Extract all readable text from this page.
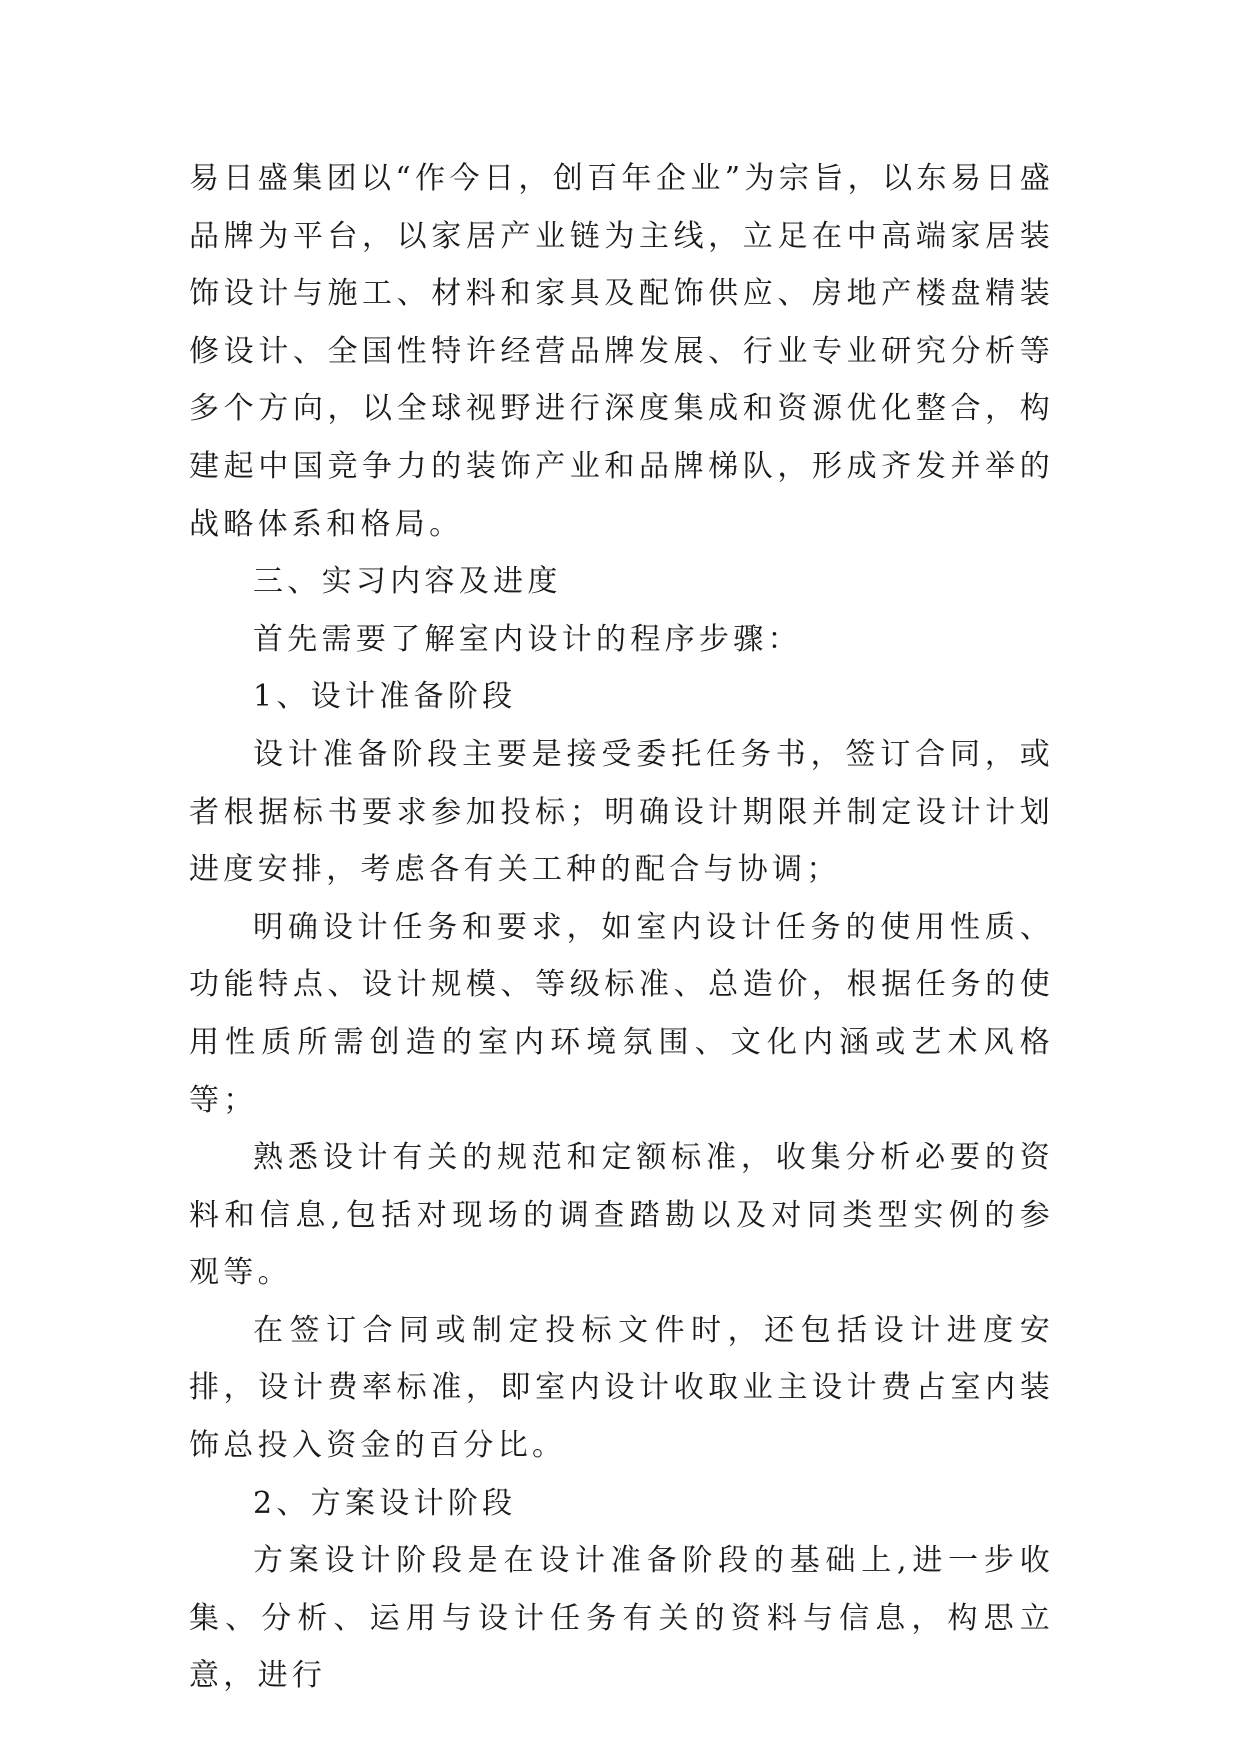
易日盛集团以“作今日，创百年企业”为宗旨，以东易日盛品牌为平台，以家居产业链为主线，立足在中高端家居装饰设计与施工、材料和家具及配饰供应、房地产楼盘精装修设计、全国性特许经营品牌发展、行业专业研究分析等多个方向，以全球视野进行深度集成和资源优化整合，构建起中国竞争力的装饰产业和品牌梯队，形成齐发并举的战略体系和格局。

三、实习内容及进度

首先需要了解室内设计的程序步骤：

1、设计准备阶段

设计准备阶段主要是接受委托任务书，签订合同，或者根据标书要求参加投标；明确设计期限并制定设计计划进度安排，考虑各有关工种的配合与协调；

明确设计任务和要求，如室内设计任务的使用性质、功能特点、设计规模、等级标准、总造价，根据任务的使用性质所需创造的室内环境氛围、文化内涵或艺术风格等；

熟悉设计有关的规范和定额标准，收集分析必要的资料和信息,包括对现场的调查踏勘以及对同类型实例的参观等。

在签订合同或制定投标文件时，还包括设计进度安排，设计费率标准，即室内设计收取业主设计费占室内装饰总投入资金的百分比。

2、方案设计阶段

方案设计阶段是在设计准备阶段的基础上,进一步收集、分析、运用与设计任务有关的资料与信息，构思立意，进行
